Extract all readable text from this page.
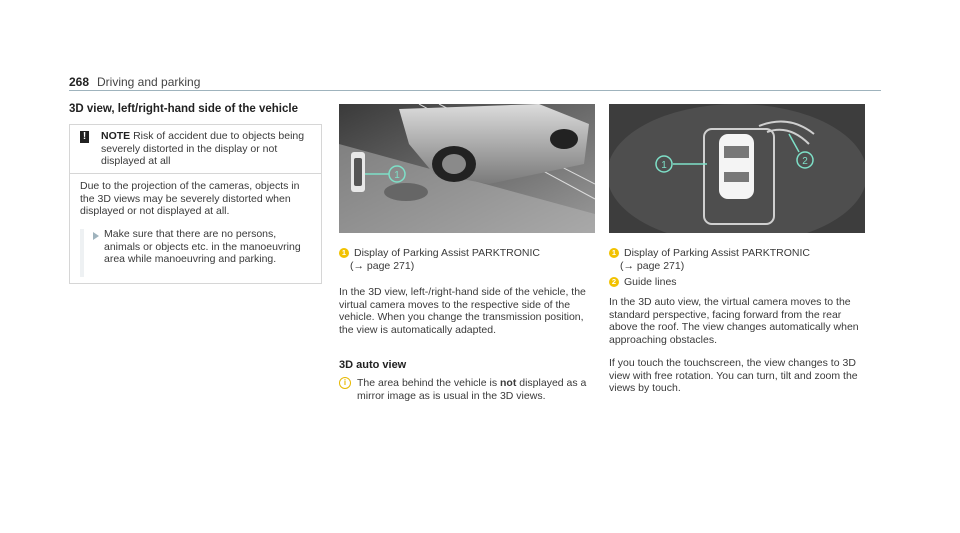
268 Driving and parking
3D view, left/right-hand side of the vehicle
! NOTE Risk of accident due to objects being severely distorted in the display or not displayed at all
Due to the projection of the cameras, objects in the 3D views may be severely distorted when displayed or not displayed at all.
Make sure that there are no persons, animals or objects etc. in the manoeuvring area while manoeuvring and parking.
1
1	2
1 Display of Parking Assist PARKTRONIC
(→ page 271)
In the 3D view, left-/right-hand side of the vehicle, the virtual camera moves to the respective side of the vehicle. When you change the transmission position, the view is automatically adapted.
3D auto view
i	The area behind the vehicle is not displayed as a mirror image as is usual in the 3D views.
1 Display of Parking Assist PARKTRONIC
(→ page 271)
2 Guide lines
In the 3D auto view, the virtual camera moves to the standard perspective, facing forward from the rear above the roof. The view changes automatically when approaching obstacles.
If you touch the touchscreen, the view changes to 3D view with free rotation. You can turn, tilt and zoom the views by touch.
